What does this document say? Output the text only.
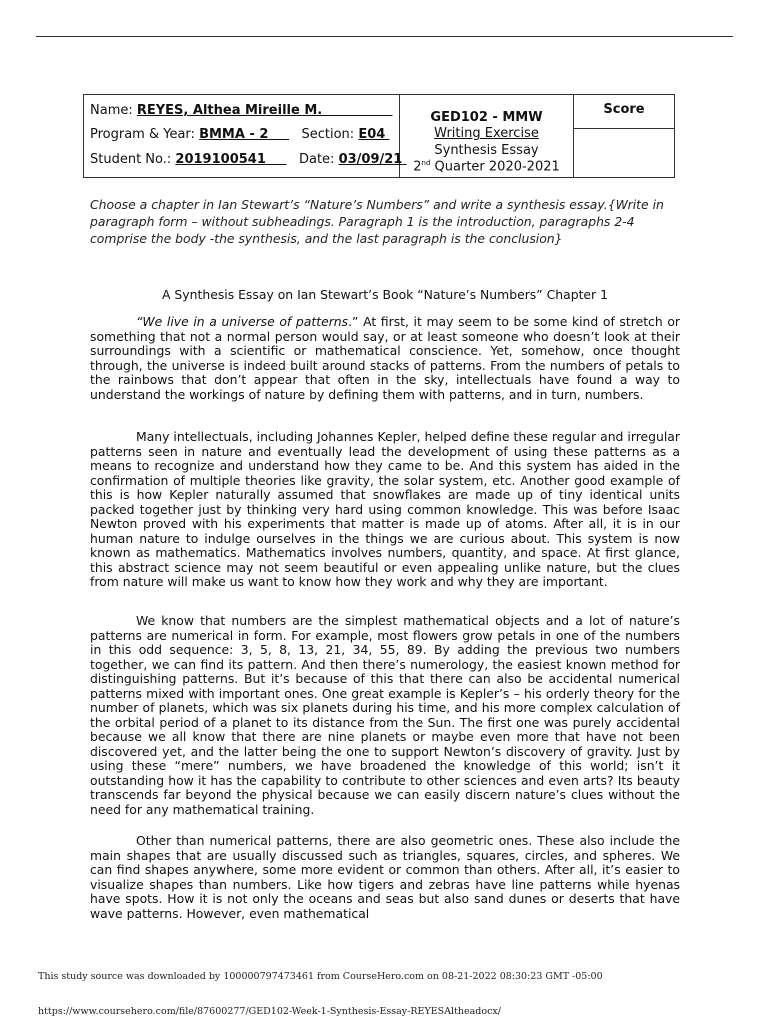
Name: REYES, Althea Mireille M.
Program & Year: BMMA - 2	Section: E04
Student No.: 2019100541	Date: 03/09/21
GED102 - MMW
Writing Exercise
Synthesis Essay
2nd Quarter 2020-2021
Score
Choose a chapter in Ian Stewart’s “Nature’s Numbers” and write a synthesis essay.{Write in paragraph form – without subheadings. Paragraph 1 is the introduction, paragraphs 2-4 comprise the body -the synthesis, and the last paragraph is the conclusion}
A Synthesis Essay on Ian Stewart’s Book “Nature’s Numbers” Chapter 1
“We live in a universe of patterns.” At first, it may seem to be some kind of stretch or something that not a normal person would say, or at least someone who doesn’t look at their surroundings with a scientific or mathematical conscience. Yet, somehow, once thought through, the universe is indeed built around stacks of patterns. From the numbers of petals to the rainbows that don’t appear that often in the sky, intellectuals have found a way to understand the workings of nature by defining them with patterns, and in turn, numbers.
Many intellectuals, including Johannes Kepler, helped define these regular and irregular patterns seen in nature and eventually lead the development of using these patterns as a means to recognize and understand how they came to be. And this system has aided in the confirmation of multiple theories like gravity, the solar system, etc. Another good example of this is how Kepler naturally assumed that snowflakes are made up of tiny identical units packed together just by thinking very hard using common knowledge. This was before Isaac Newton proved with his experiments that matter is made up of atoms. After all, it is in our human nature to indulge ourselves in the things we are curious about. This system is now known as mathematics. Mathematics involves numbers, quantity, and space. At first glance, this abstract science may not seem beautiful or even appealing unlike nature, but the clues from nature will make us want to know how they work and why they are important.
We know that numbers are the simplest mathematical objects and a lot of nature’s patterns are numerical in form. For example, most flowers grow petals in one of the numbers in this odd sequence: 3, 5, 8, 13, 21, 34, 55, 89. By adding the previous two numbers together, we can find its pattern. And then there’s numerology, the easiest known method for distinguishing patterns. But it’s because of this that there can also be accidental numerical patterns mixed with important ones. One great example is Kepler’s – his orderly theory for the number of planets, which was six planets during his time, and his more complex calculation of the orbital period of a planet to its distance from the Sun. The first one was purely accidental because we all know that there are nine planets or maybe even more that have not been discovered yet, and the latter being the one to support Newton’s discovery of gravity. Just by using these “mere” numbers, we have broadened the knowledge of this world; isn’t it outstanding how it has the capability to contribute to other sciences and even arts? Its beauty transcends far beyond the physical because we can easily discern nature’s clues without the need for any mathematical training.
Other than numerical patterns, there are also geometric ones. These also include the main shapes that are usually discussed such as triangles, squares, circles, and spheres. We can find shapes anywhere, some more evident or common than others. After all, it’s easier to visualize shapes than numbers. Like how tigers and zebras have line patterns while hyenas have spots. How it is not only the oceans and seas but also sand dunes or deserts that have wave patterns. However, even mathematical
This study source was downloaded by 100000797473461 from CourseHero.com on 08-21-2022 08:30:23 GMT -05:00
https://www.coursehero.com/file/87600277/GED102-Week-1-Synthesis-Essay-REYESAltheadocx/
